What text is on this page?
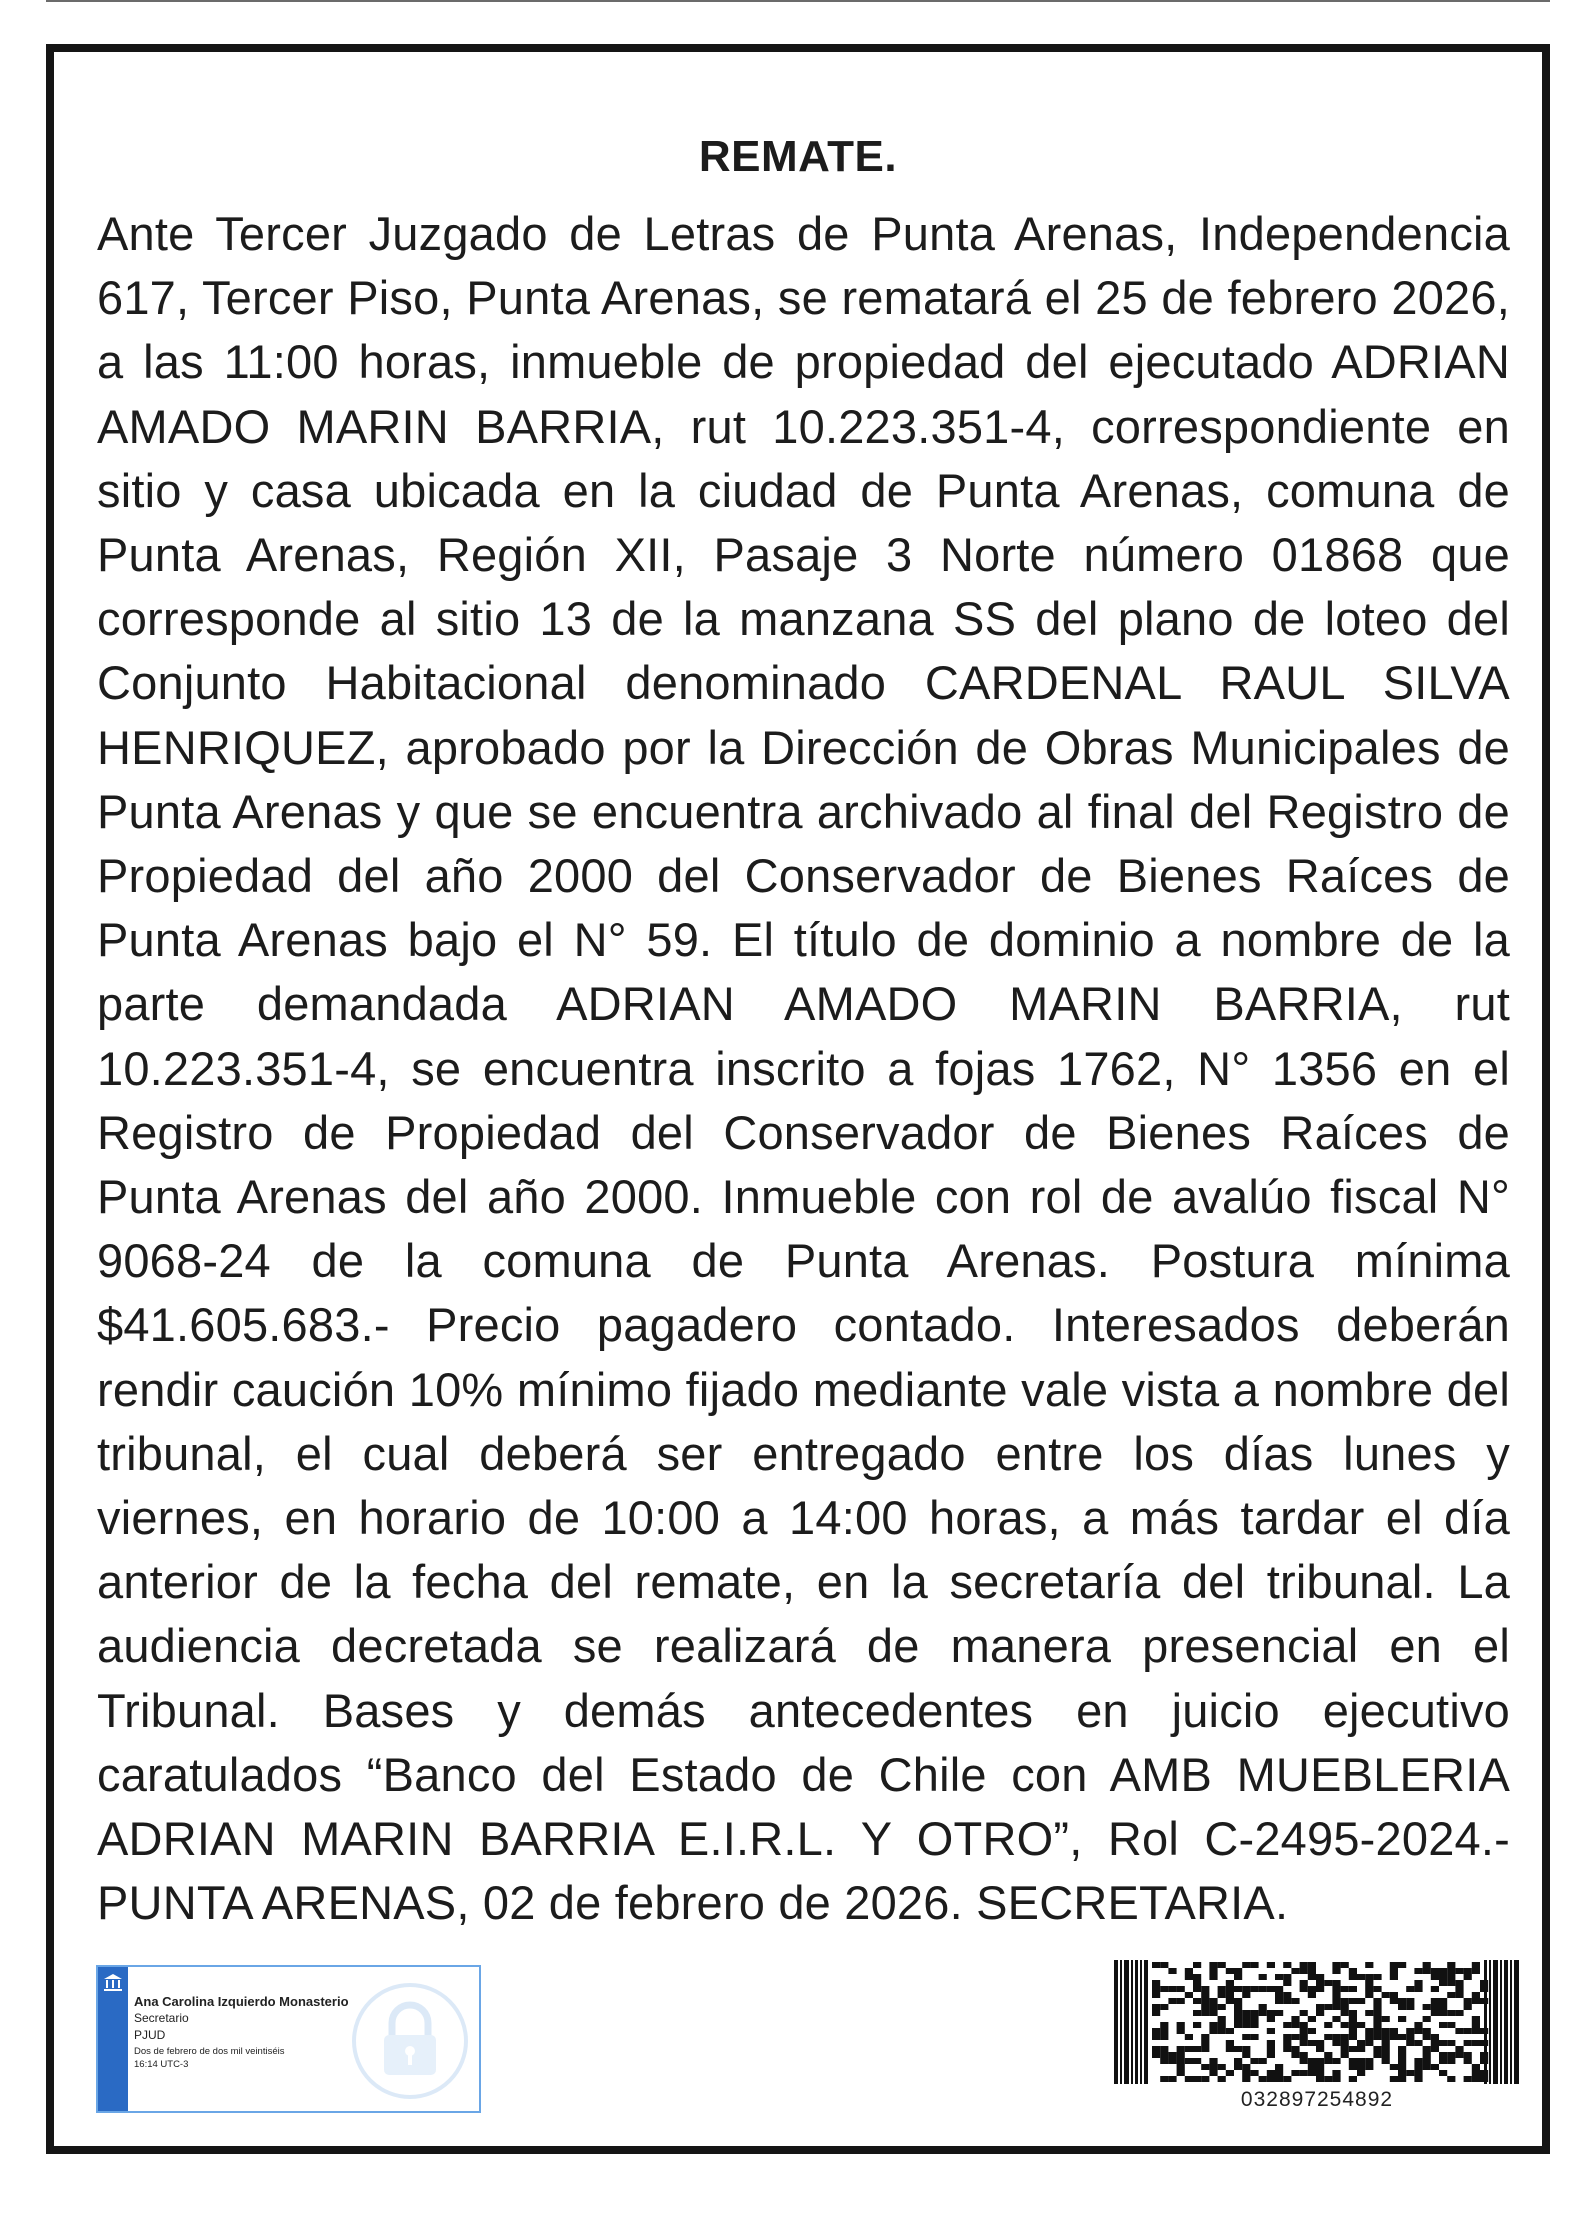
REMATE.
Ante Tercer Juzgado de Letras de Punta Arenas, Independencia 617, Tercer Piso, Punta Arenas, se rematará el 25 de febrero 2026, a las 11:00 horas, inmueble de propiedad del ejecutado ADRIAN AMADO MARIN BARRIA, rut 10.223.351-4, correspondiente en sitio y casa ubicada en la ciudad de Punta Arenas, comuna de Punta Arenas, Región XII, Pasaje 3 Norte número 01868 que corresponde al sitio 13 de la manzana SS del plano de loteo del Conjunto Habitacional denominado CARDENAL RAUL SILVA HENRIQUEZ, aprobado por la Dirección de Obras Municipales de Punta Arenas y que se encuentra archivado al final del Registro de Propiedad del año 2000 del Conservador de Bienes Raíces de Punta Arenas bajo el N° 59. El título de dominio a nombre de la parte demandada ADRIAN AMADO MARIN BARRIA, rut 10.223.351-4, se encuentra inscrito a fojas 1762, N° 1356 en el Registro de Propiedad del Conservador de Bienes Raíces de Punta Arenas del año 2000. Inmueble con rol de avalúo fiscal N° 9068-24 de la comuna de Punta Arenas. Postura mínima $41.605.683.- Precio pagadero contado. Interesados deberán rendir caución 10% mínimo fijado mediante vale vista a nombre del tribunal, el cual deberá ser entregado entre los días lunes y viernes, en horario de 10:00 a 14:00 horas, a más tardar el día anterior de la fecha del remate, en la secretaría del tribunal. La audiencia decretada se realizará de manera presencial en el Tribunal. Bases y demás antecedentes en juicio ejecutivo caratulados “Banco del Estado de Chile con AMB MUEBLERIA ADRIAN MARIN BARRIA E.I.R.L. Y OTRO”, Rol C-2495-2024.- PUNTA ARENAS, 02 de febrero de 2026. SECRETARIA.
Ana Carolina Izquierdo Monasterio
Secretario
PJUD
Dos de febrero de dos mil veintiséis
16:14 UTC-3
032897254892
